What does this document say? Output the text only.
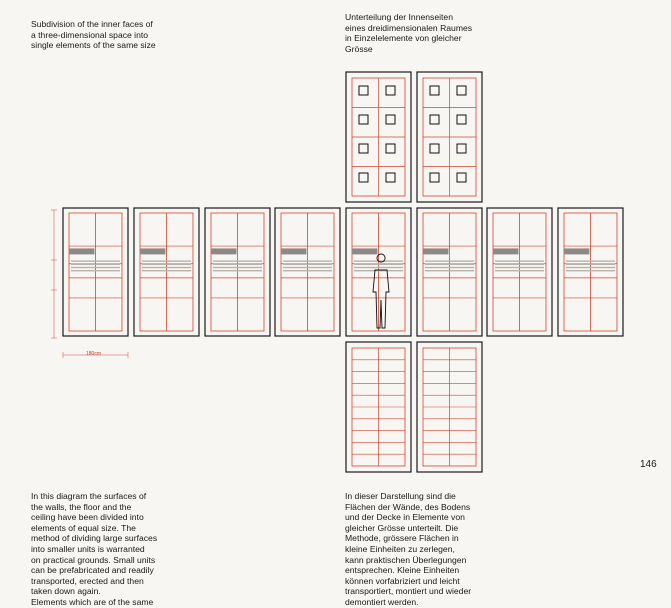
Subdivision of the inner faces of
a three-dimensional space into
single elements of the same size
Unterteilung der Innenseiten
eines dreidimensionalen Raumes
in Einzelelemente von gleicher
Grösse
180cm
146
In this diagram the surfaces of
the walls, the floor and the
ceiling have been divided into
elements of equal size. The
method of dividing large surfaces
into smaller units is warranted
on practical grounds. Small units
can be prefabricated and readily
transported, erected and then
taken down again.
Elements which are of the same
In dieser Darstellung sind die
Flächen der Wände, des Bodens
und der Decke in Elemente von
gleicher Grösse unterteilt. Die
Methode, grössere Flächen in
kleine Einheiten zu zerlegen,
kann praktischen Überlegungen
entsprechen. Kleine Einheiten
können vorfabriziert und leicht
transportiert, montiert und wieder
demontiert werden.
